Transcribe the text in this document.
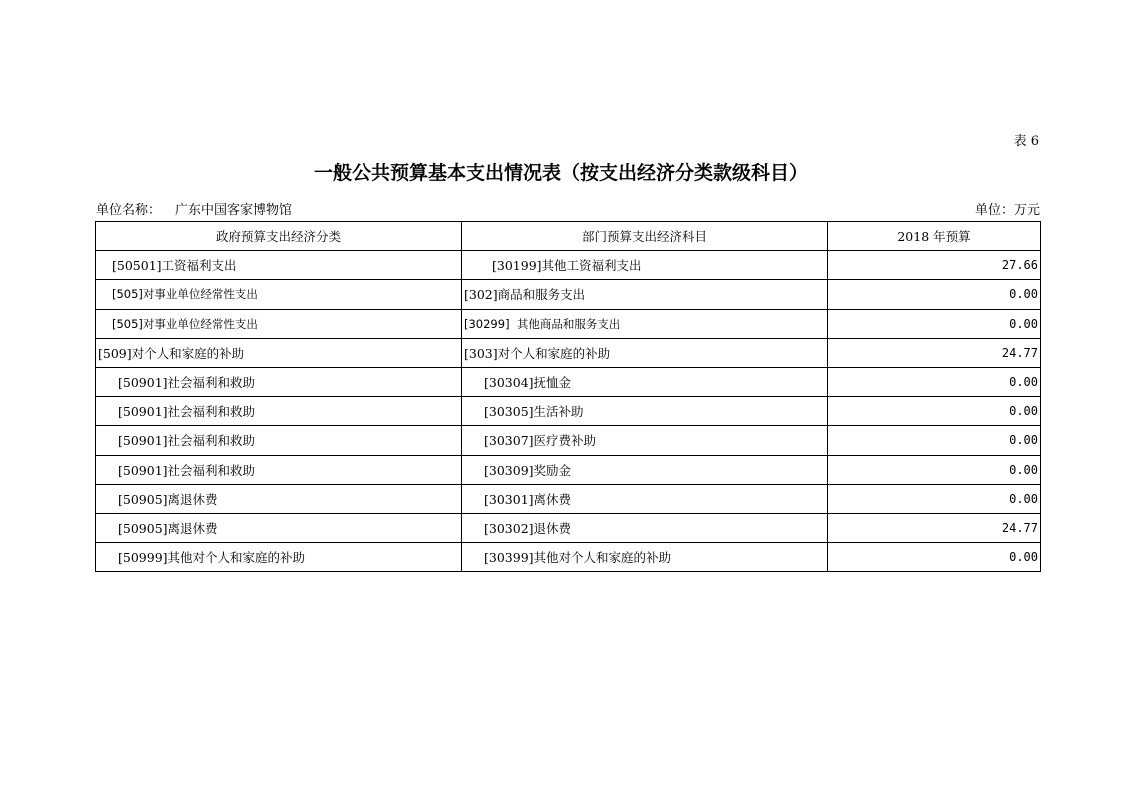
表 6
一般公共预算基本支出情况表（按支出经济分类款级科目）
单位名称： 广东中国客家博物馆	单位：万元
政府预算支出经济分类	部门预算支出经济科目	2018 年预算
[50501]工资福利支出	[30199]其他工资福利支出	27.66
[505]对事业单位经常性支出	[302]商品和服务支出	0.00
[505]对事业单位经常性支出	[30299]  其他商品和服务支出	0.00
[509]对个人和家庭的补助	[303]对个人和家庭的补助	24.77
[50901]社会福利和救助	[30304]抚恤金	0.00
[50901]社会福利和救助	[30305]生活补助	0.00
[50901]社会福利和救助	[30307]医疗费补助	0.00
[50901]社会福利和救助	[30309]奖励金	0.00
[50905]离退休费	[30301]离休费	0.00
[50905]离退休费	[30302]退休费	24.77
[50999]其他对个人和家庭的补助	[30399]其他对个人和家庭的补助	0.00
